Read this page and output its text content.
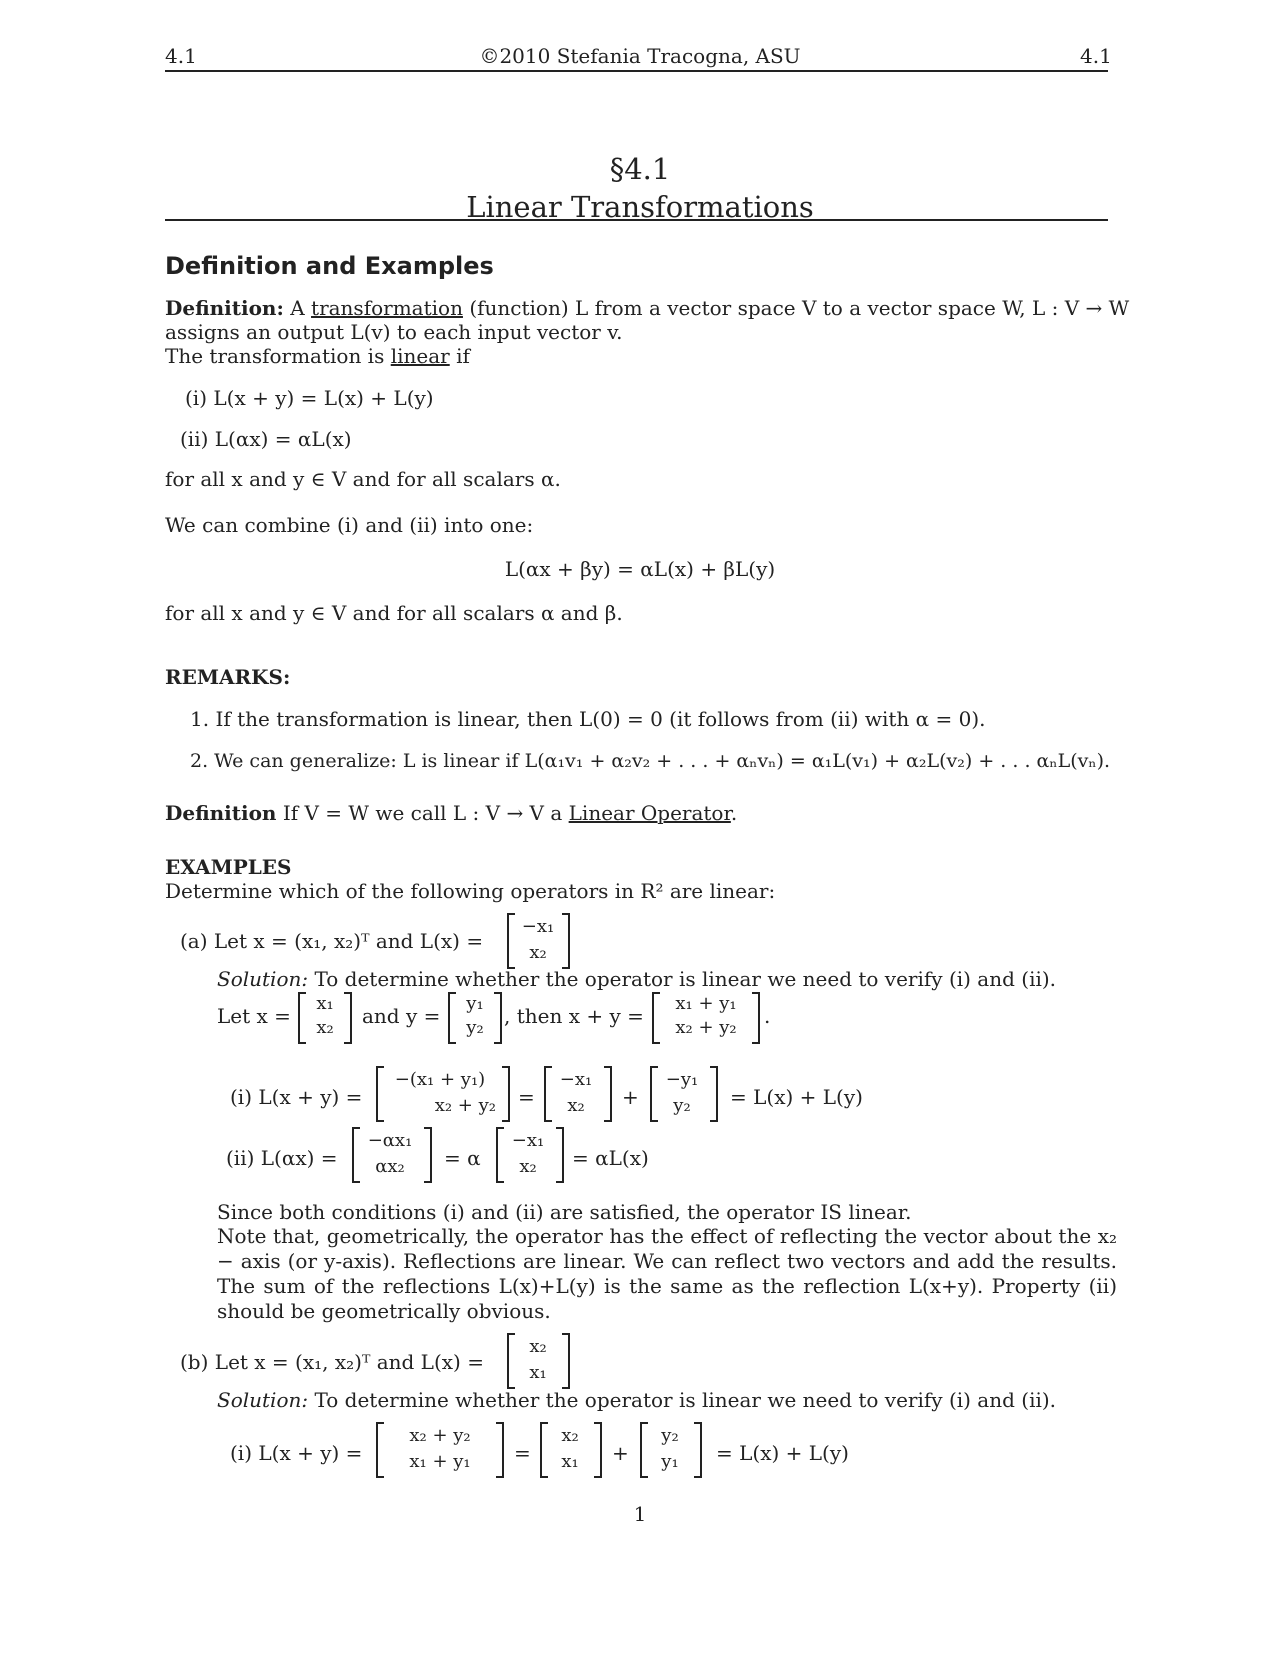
4.1	©2010 Stefania Tracogna, ASU	4.1
§4.1
Linear Transformations
Definition and Examples
Definition: A transformation (function) L from a vector space V to a vector space W, L : V → W
assigns an output L(v) to each input vector v.
The transformation is linear if
(i) L(x + y) = L(x) + L(y)
(ii) L(αx) = αL(x)
for all x and y ∈ V and for all scalars α.
We can combine (i) and (ii) into one:
L(αx + βy) = αL(x) + βL(y)
for all x and y ∈ V and for all scalars α and β.
REMARKS:
1. If the transformation is linear, then L(0) = 0 (it follows from (ii) with α = 0).
2. We can generalize: L is linear if L(α₁v₁ + α₂v₂ + . . . + αₙvₙ) = α₁L(v₁) + α₂L(v₂) + . . . αₙL(vₙ).
Definition If V = W we call L : V → V a Linear Operator.
EXAMPLES
Determine which of the following operators in R² are linear:
(a) Let x = (x₁, x₂)ᵀ and L(x) =
−x₁
x₂
Solution: To determine whether the operator is linear we need to verify (i) and (ii).
Let x =
x₁
x₂	and y =
y₁
y₂	, then x + y =
x₁ + y₁
x₂ + y₂	.
(i) L(x + y) =
−(x₁ + y₁)
x₂ + y₂ =
−x₁
x₂	+
−y₁
y₂	= L(x) + L(y)
(ii) L(αx) =
−αx₁
αx₂	= α
−x₁
x₂	= αL(x)
Since both conditions (i) and (ii) are satisfied, the operator IS linear.
Note that, geometrically, the operator has the effect of reflecting the vector about the x₂ − axis (or y-axis). Reflections are linear. We can reflect two vectors and add the results. The sum of the reflections L(x)+L(y) is the same as the reflection L(x+y). Property (ii) should be geometrically obvious.
(b) Let x = (x₁, x₂)ᵀ and L(x) =
x₂
x₁
Solution: To determine whether the operator is linear we need to verify (i) and (ii).
(i) L(x + y) =
x₂ + y₂
x₁ + y₁	=
x₂
x₁	+
y₂
y₁	= L(x) + L(y)
1
